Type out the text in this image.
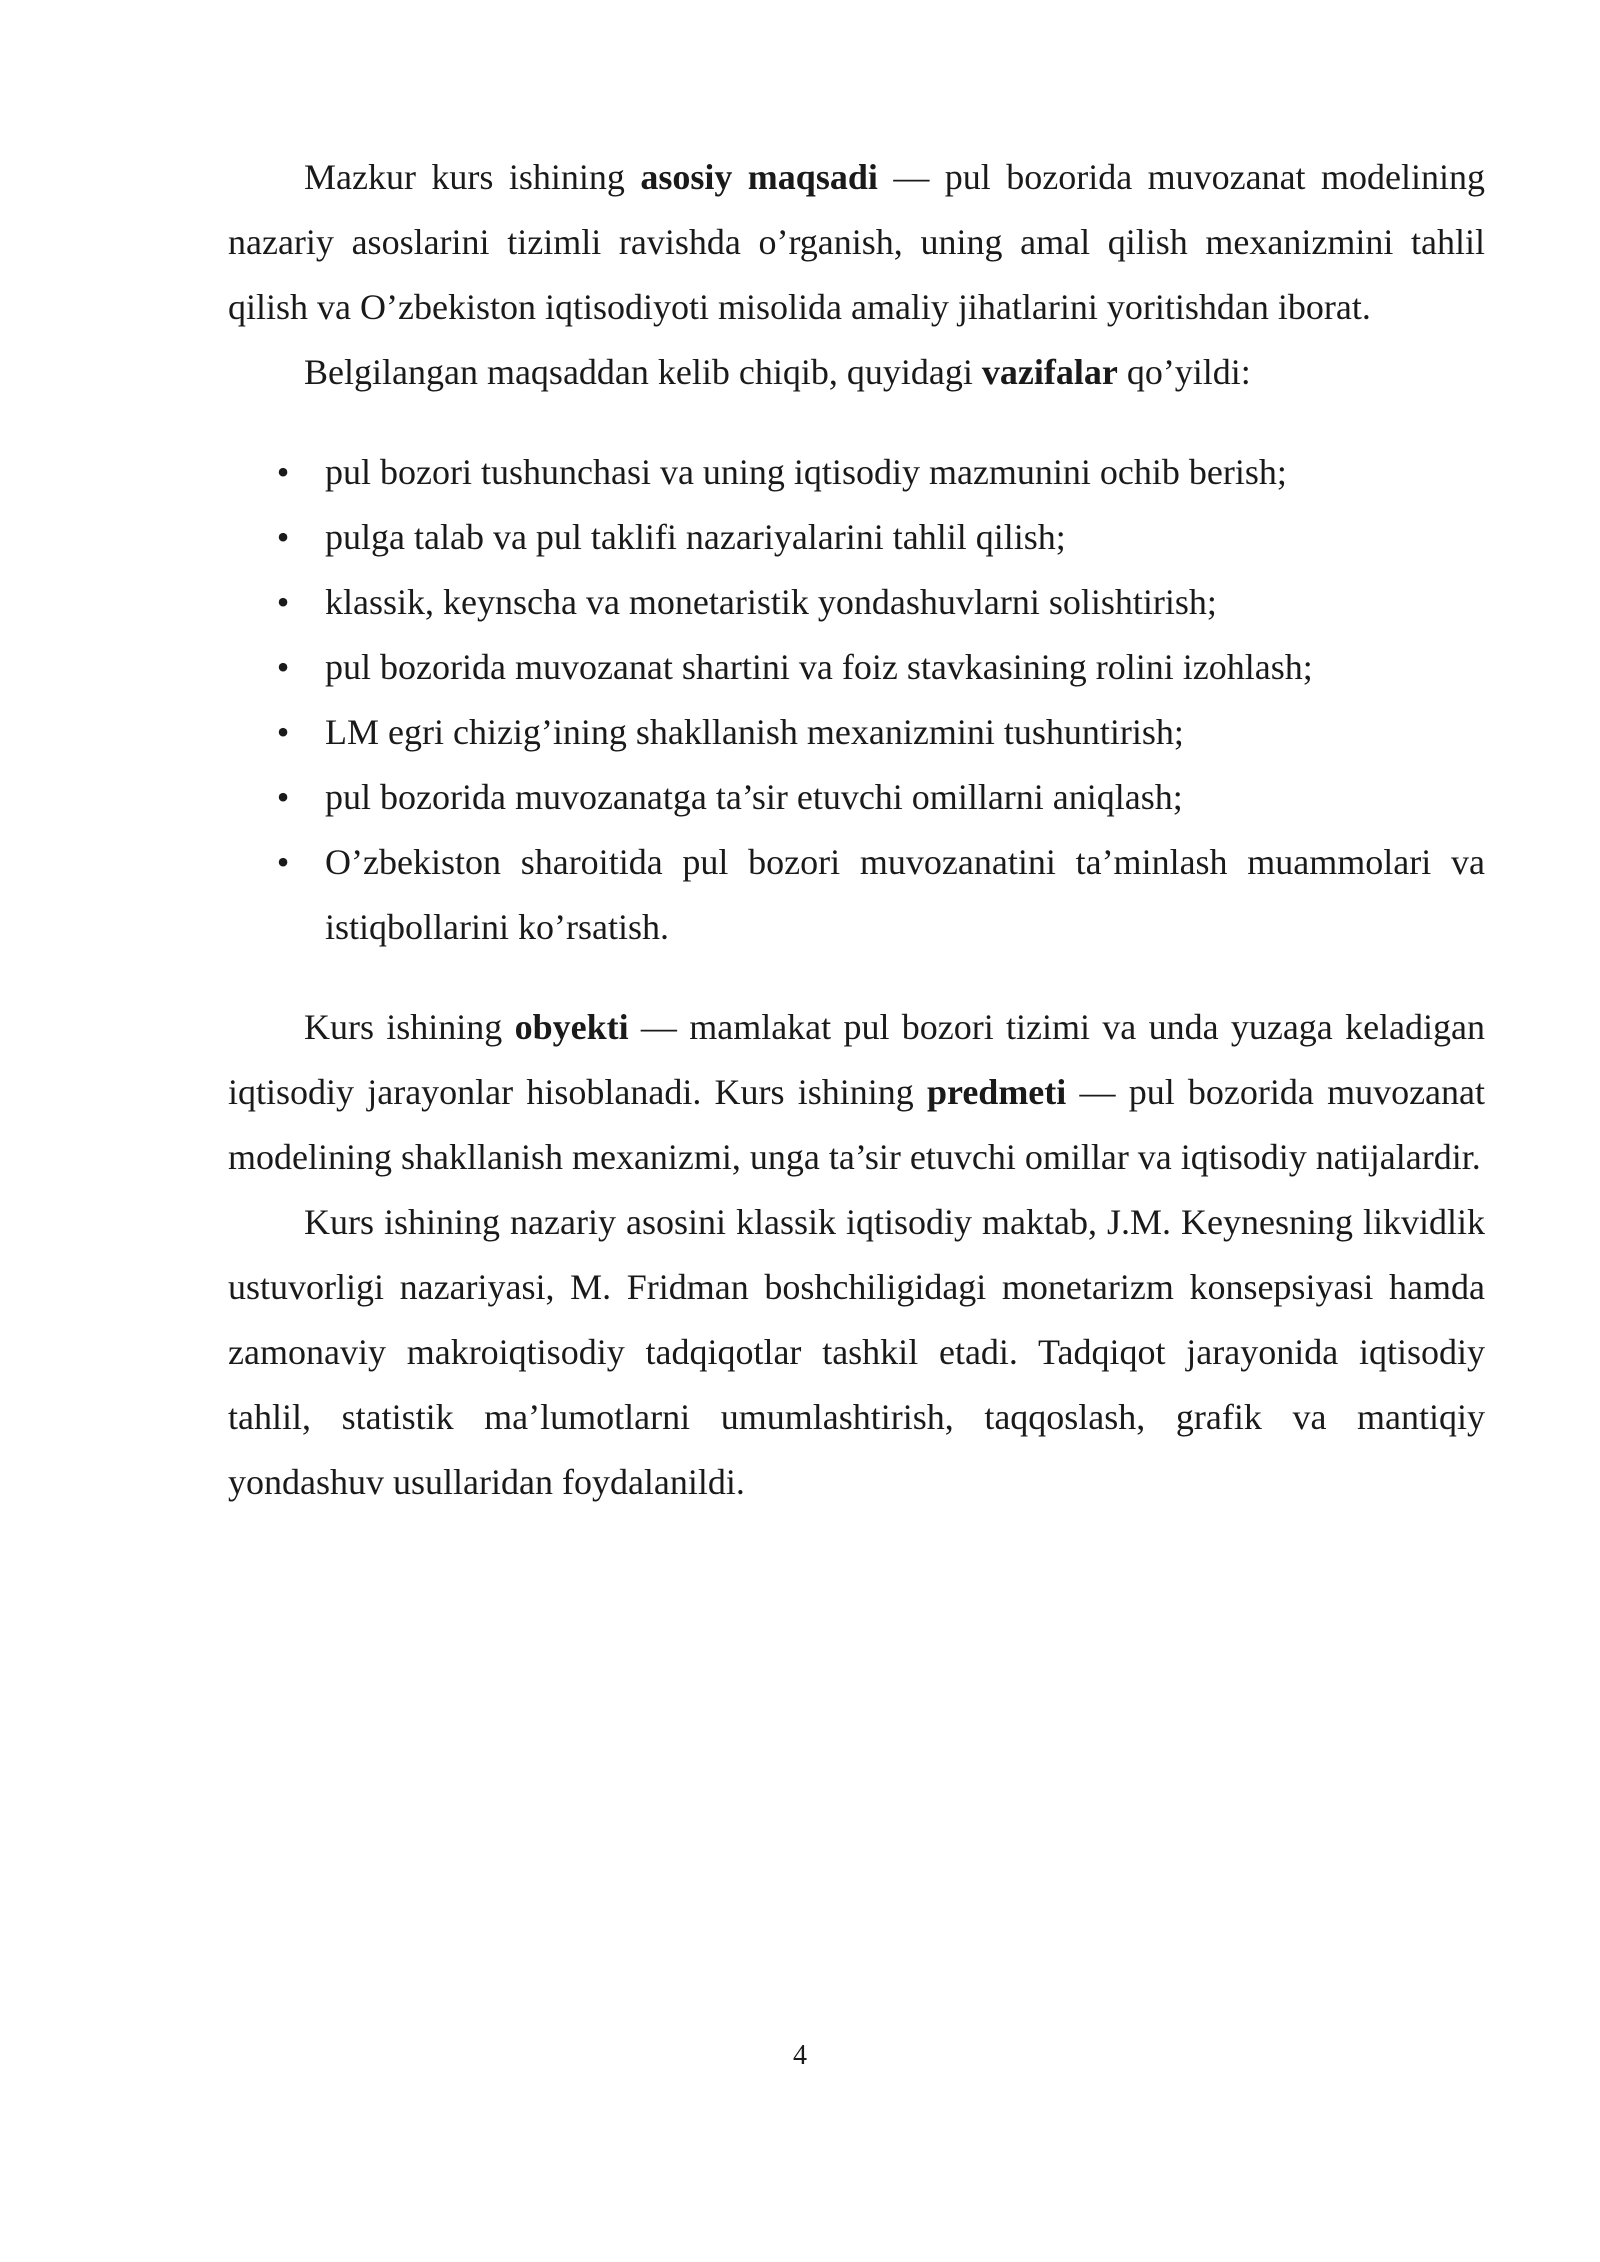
Mazkur kurs ishining asosiy maqsadi — pul bozorida muvozanat modelining nazariy asoslarini tizimli ravishda o’rganish, uning amal qilish mexanizmini tahlil qilish va O’zbekiston iqtisodiyoti misolida amaliy jihatlarini yoritishdan iborat.

Belgilangan maqsaddan kelib chiqib, quyidagi vazifalar qo’yildi:

• pul bozori tushunchasi va uning iqtisodiy mazmunini ochib berish;
• pulga talab va pul taklifi nazariyalarini tahlil qilish;
• klassik, keynscha va monetaristik yondashuvlarni solishtirish;
• pul bozorida muvozanat shartini va foiz stavkasining rolini izohlash;
• LM egri chizig’ining shakllanish mexanizmini tushuntirish;
• pul bozorida muvozanatga ta’sir etuvchi omillarni aniqlash;
• O’zbekiston sharoitida pul bozori muvozanatini ta’minlash muammolari va istiqbollarini ko’rsatish.

Kurs ishining obyekti — mamlakat pul bozori tizimi va unda yuzaga keladigan iqtisodiy jarayonlar hisoblanadi. Kurs ishining predmeti — pul bozorida muvozanat modelining shakllanish mexanizmi, unga ta’sir etuvchi omillar va iqtisodiy natijalardir.

Kurs ishining nazariy asosini klassik iqtisodiy maktab, J.M. Keynesning likvidlik ustuvorligi nazariyasi, M. Fridman boshchiligidagi monetarizm konsepsiyasi hamda zamonaviy makroiqtisodiy tadqiqotlar tashkil etadi. Tadqiqot jarayonida iqtisodiy tahlil, statistik ma’lumotlarni umumlashtirish, taqqoslash, grafik va mantiqiy yondashuv usullaridan foydalanildi.

4
